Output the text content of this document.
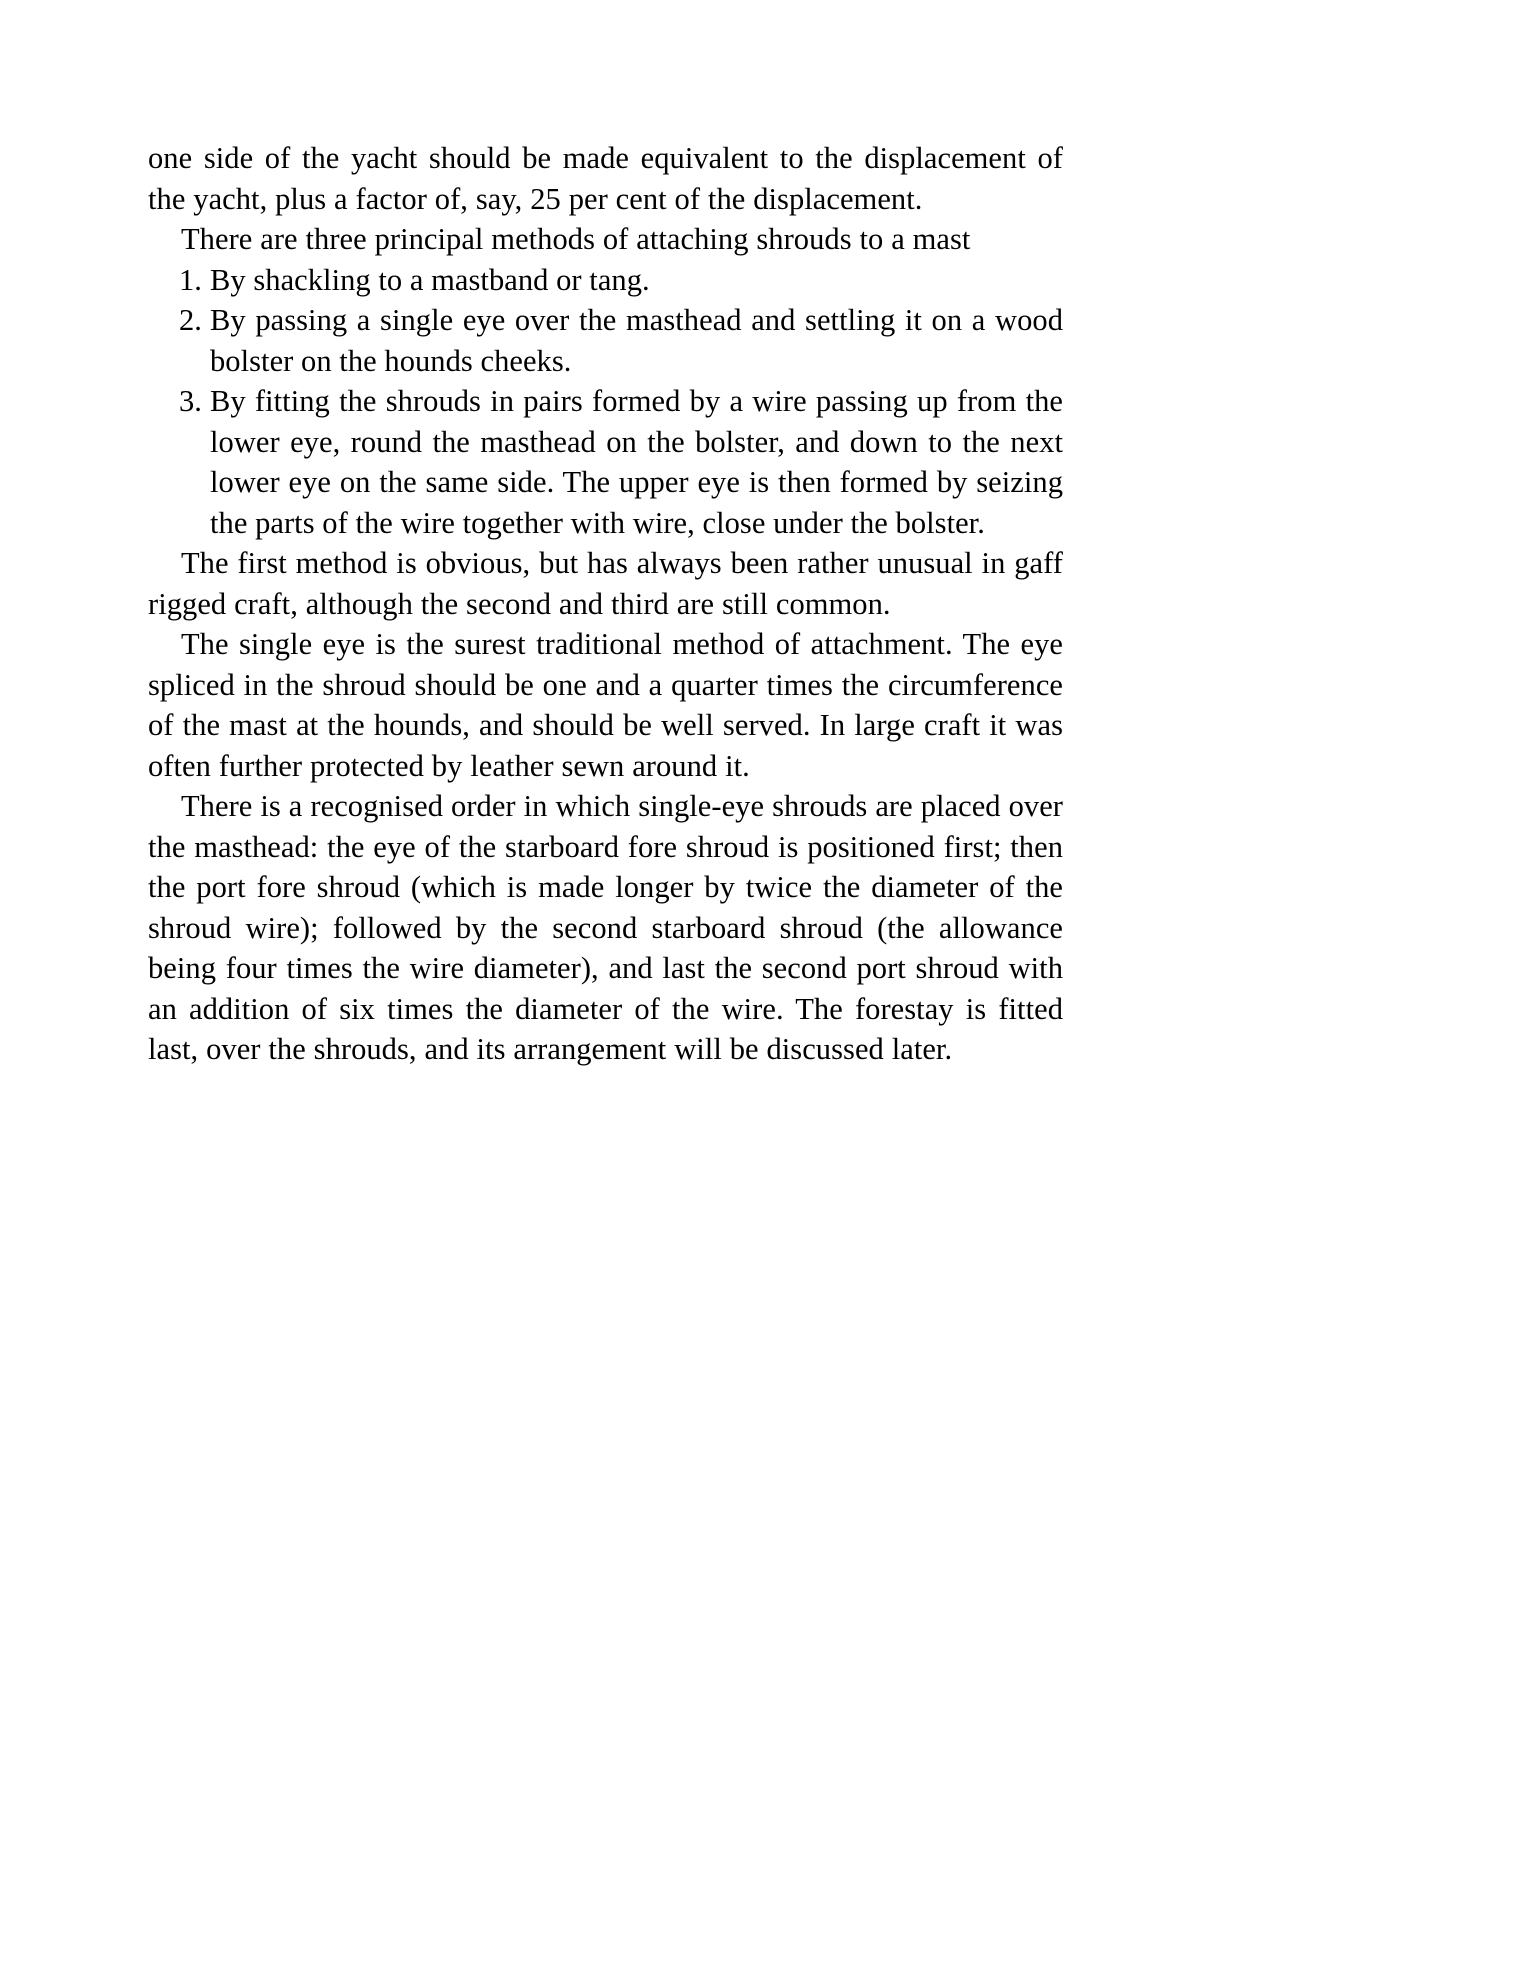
one side of the yacht should be made equivalent to the displacement of the yacht, plus a factor of, say, 25 per cent of the displacement.

There are three principal methods of attaching shrouds to a mast

1. By shackling to a mastband or tang.
2. By passing a single eye over the masthead and settling it on a wood bolster on the hounds cheeks.
3. By fitting the shrouds in pairs formed by a wire passing up from the lower eye, round the masthead on the bolster, and down to the next lower eye on the same side. The upper eye is then formed by seizing the parts of the wire together with wire, close under the bolster.

The first method is obvious, but has always been rather unusual in gaff rigged craft, although the second and third are still common.

The single eye is the surest traditional method of attachment. The eye spliced in the shroud should be one and a quarter times the circumference of the mast at the hounds, and should be well served. In large craft it was often further protected by leather sewn around it.

There is a recognised order in which single-eye shrouds are placed over the masthead: the eye of the starboard fore shroud is positioned first; then the port fore shroud (which is made longer by twice the diameter of the shroud wire); followed by the second starboard shroud (the allowance being four times the wire diameter), and last the second port shroud with an addition of six times the diameter of the wire. The forestay is fitted last, over the shrouds, and its arrangement will be discussed later.
